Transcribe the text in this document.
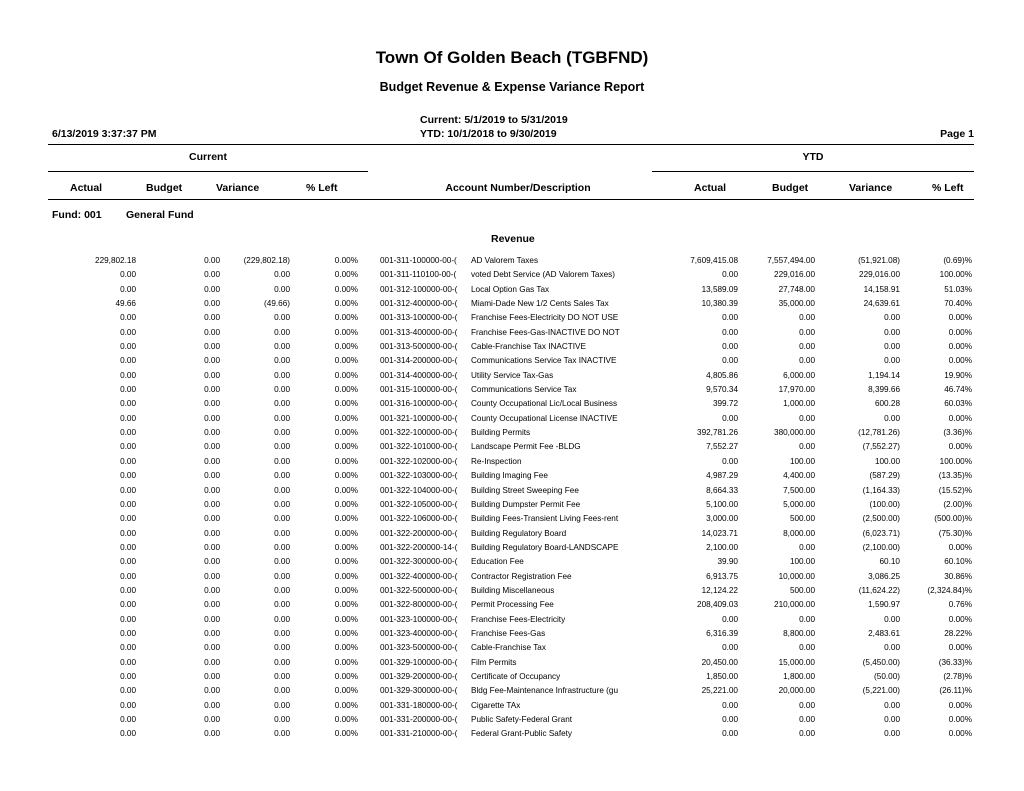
Town Of Golden Beach (TGBFND)
Budget Revenue & Expense Variance Report
Current: 5/1/2019 to 5/31/2019
6/13/2019 3:37:37 PM	YTD: 10/1/2018 to 9/30/2019	Page 1
Current	YTD
Actual	Budget	Variance	% Left	Account Number/Description	Actual	Budget	Variance	% Left
Fund: 001 General Fund
Revenue
229,802.18	0.00	(229,802.18)	0.00%	001-311-100000-00-(	AD Valorem Taxes	7,609,415.08	7,557,494.00	(51,921.08)	(0.69)%
0.00	0.00	0.00	0.00%	001-311-110100-00-(	voted Debt Service (AD Valorem Taxes)	0.00	229,016.00	229,016.00	100.00%
0.00	0.00	0.00	0.00%	001-312-100000-00-(	Local Option Gas Tax	13,589.09	27,748.00	14,158.91	51.03%
49.66	0.00	(49.66)	0.00%	001-312-400000-00-(	Miami-Dade New 1/2 Cents Sales Tax	10,380.39	35,000.00	24,639.61	70.40%
0.00	0.00	0.00	0.00%	001-313-100000-00-(	Franchise Fees-Electricity DO NOT USE	0.00	0.00	0.00	0.00%
0.00	0.00	0.00	0.00%	001-313-400000-00-(	Franchise Fees-Gas-INACTIVE DO NOT	0.00	0.00	0.00	0.00%
0.00	0.00	0.00	0.00%	001-313-500000-00-(	Cable-Franchise Tax INACTIVE	0.00	0.00	0.00	0.00%
0.00	0.00	0.00	0.00%	001-314-200000-00-(	Communications Service Tax INACTIVE	0.00	0.00	0.00	0.00%
0.00	0.00	0.00	0.00%	001-314-400000-00-(	Utility Service Tax-Gas	4,805.86	6,000.00	1,194.14	19.90%
0.00	0.00	0.00	0.00%	001-315-100000-00-(	Communications Service Tax	9,570.34	17,970.00	8,399.66	46.74%
0.00	0.00	0.00	0.00%	001-316-100000-00-(	County Occupational Lic/Local Business	399.72	1,000.00	600.28	60.03%
0.00	0.00	0.00	0.00%	001-321-100000-00-(	County Occupational License INACTIVE	0.00	0.00	0.00	0.00%
0.00	0.00	0.00	0.00%	001-322-100000-00-(	Building Permits	392,781.26	380,000.00	(12,781.26)	(3.36)%
0.00	0.00	0.00	0.00%	001-322-101000-00-(	Landscape Permit Fee -BLDG	7,552.27	0.00	(7,552.27)	0.00%
0.00	0.00	0.00	0.00%	001-322-102000-00-(	Re-Inspection	0.00	100.00	100.00	100.00%
0.00	0.00	0.00	0.00%	001-322-103000-00-(	Building Imaging Fee	4,987.29	4,400.00	(587.29)	(13.35)%
0.00	0.00	0.00	0.00%	001-322-104000-00-(	Building Street Sweeping Fee	8,664.33	7,500.00	(1,164.33)	(15.52)%
0.00	0.00	0.00	0.00%	001-322-105000-00-(	Building Dumpster Permit Fee	5,100.00	5,000.00	(100.00)	(2.00)%
0.00	0.00	0.00	0.00%	001-322-106000-00-(	Building Fees-Transient Living Fees-rent	3,000.00	500.00	(2,500.00)	(500.00)%
0.00	0.00	0.00	0.00%	001-322-200000-00-(	Building Regulatory Board	14,023.71	8,000.00	(6,023.71)	(75.30)%
0.00	0.00	0.00	0.00%	001-322-200000-14-(	Building Regulatory Board-LANDSCAPE	2,100.00	0.00	(2,100.00)	0.00%
0.00	0.00	0.00	0.00%	001-322-300000-00-(	Education Fee	39.90	100.00	60.10	60.10%
0.00	0.00	0.00	0.00%	001-322-400000-00-(	Contractor Registration Fee	6,913.75	10,000.00	3,086.25	30.86%
0.00	0.00	0.00	0.00%	001-322-500000-00-(	Building Miscellaneous	12,124.22	500.00	(11,624.22)	(2,324.84)%
0.00	0.00	0.00	0.00%	001-322-800000-00-(	Permit Processing Fee	208,409.03	210,000.00	1,590.97	0.76%
0.00	0.00	0.00	0.00%	001-323-100000-00-(	Franchise Fees-Electricity	0.00	0.00	0.00	0.00%
0.00	0.00	0.00	0.00%	001-323-400000-00-(	Franchise Fees-Gas	6,316.39	8,800.00	2,483.61	28.22%
0.00	0.00	0.00	0.00%	001-323-500000-00-(	Cable-Franchise Tax	0.00	0.00	0.00	0.00%
0.00	0.00	0.00	0.00%	001-329-100000-00-(	Film Permits	20,450.00	15,000.00	(5,450.00)	(36.33)%
0.00	0.00	0.00	0.00%	001-329-200000-00-(	Certificate of Occupancy	1,850.00	1,800.00	(50.00)	(2.78)%
0.00	0.00	0.00	0.00%	001-329-300000-00-(	Bldg Fee-Maintenance Infrastructure (gu	25,221.00	20,000.00	(5,221.00)	(26.11)%
0.00	0.00	0.00	0.00%	001-331-180000-00-(	Cigarette TAx	0.00	0.00	0.00	0.00%
0.00	0.00	0.00	0.00%	001-331-200000-00-(	Public Safety-Federal Grant	0.00	0.00	0.00	0.00%
0.00	0.00	0.00	0.00%	001-331-210000-00-(	Federal Grant-Public Safety	0.00	0.00	0.00	0.00%
